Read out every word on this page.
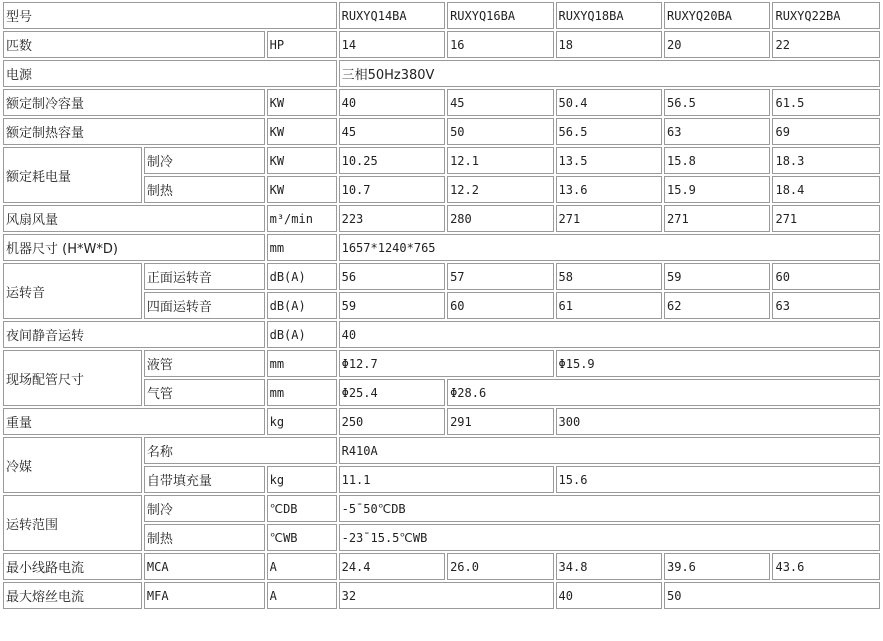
型号			RUXYQ14BA	RUXYQ16BA	RUXYQ18BA	RUXYQ20BA	RUXYQ22BA
匹数		HP	14	16	18	20	22
电源			三相50Hz380V				
额定制冷容量		KW	40	45	50.4	56.5	61.5
额定制热容量		KW	45	50	56.5	63	69
额定耗电量	制冷	KW	10.25	12.1	13.5	15.8	18.3
	制热	KW	10.7	12.2	13.6	15.9	18.4
风扇风量		m³/min	223	280	271	271	271
机器尺寸 (H*W*D)		mm	1657*1240*765				
运转音	正面运转音	dB(A)	56	57	58	59	60
	四面运转音	dB(A)	59	60	61	62	63
夜间静音运转		dB(A)	40				
现场配管尺寸	液管	mm	Φ12.7		Φ15.9		
	气管	mm	Φ25.4	Φ28.6			
重量		kg	250	291	300		
冷媒	名称		R410A				
	自带填充量	kg	11.1		15.6		
运转范围	制冷	℃DB	-5¯50℃DB				
	制热	℃WB	-23¯15.5℃WB				
最小线路电流	MCA	A	24.4	26.0	34.8	39.6	43.6
最大熔丝电流	MFA	A	32		40	50	
